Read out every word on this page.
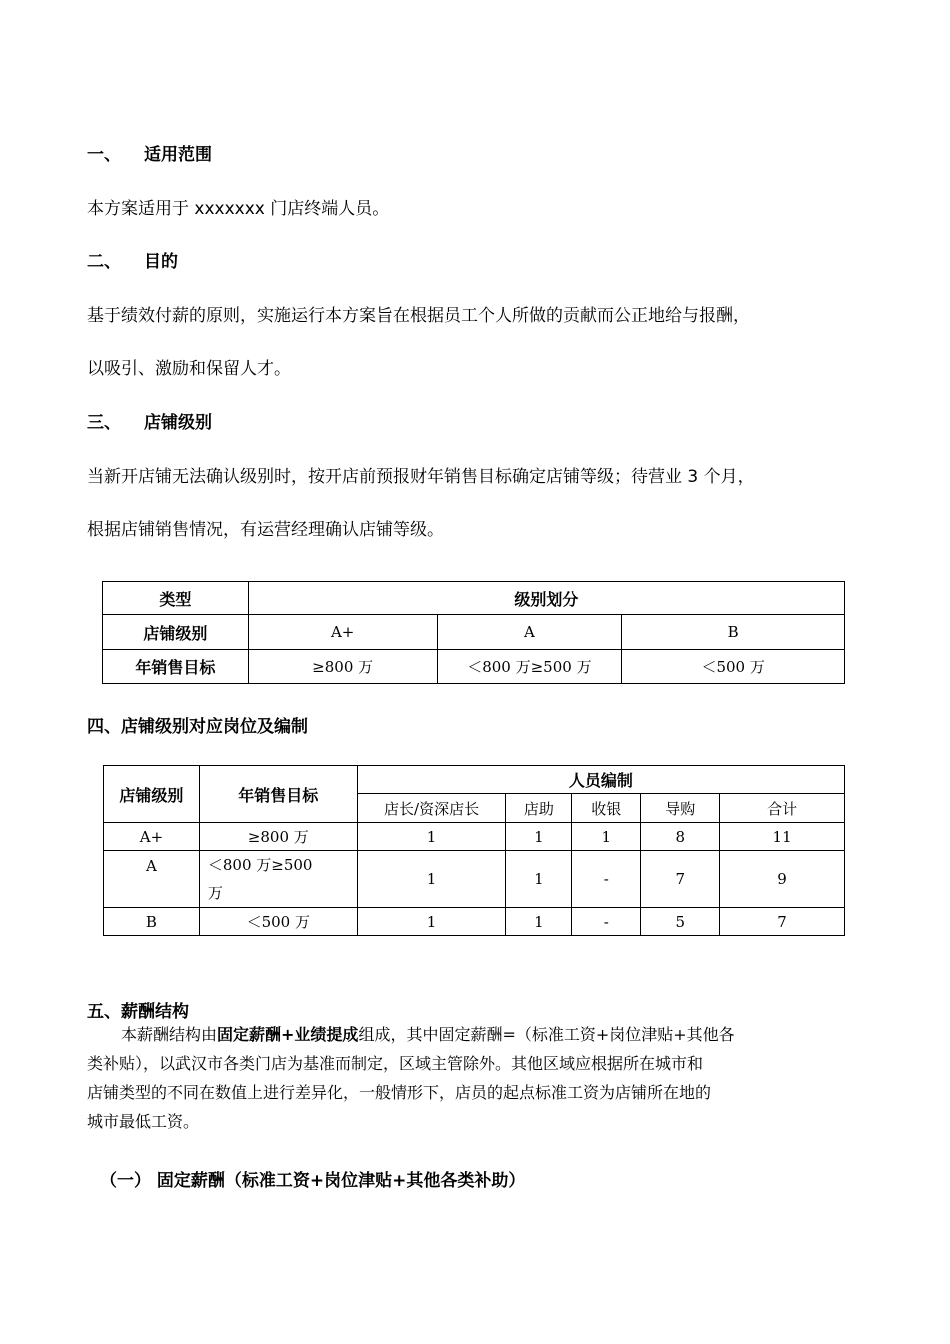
一、 适用范围
本方案适用于 xxxxxxx 门店终端人员。
二、 目的
基于绩效付薪的原则，实施运行本方案旨在根据员工个人所做的贡献而公正地给与报酬，
以吸引、激励和保留人才。
三、 店铺级别
当新开店铺无法确认级别时，按开店前预报财年销售目标确定店铺等级；待营业 3 个月，
根据店铺销售情况，有运营经理确认店铺等级。
类型	级别划分		
店铺级别	A+	A	B
年销售目标	≥800 万	＜800 万≥500 万	＜500 万
四、店铺级别对应岗位及编制
店铺级别	年销售目标	人员编制				
		店长/资深店长	店助	收银	导购	合计
A+	≥800 万	1	1	1	8	11
A	＜800 万≥500
万	1	1	-	7	9
B	＜500 万	1	1	-	5	7
五、薪酬结构
本薪酬结构由固定薪酬+业绩提成组成，其中固定薪酬=（标准工资+岗位津贴+其他各
类补贴），以武汉市各类门店为基准而制定，区域主管除外。其他区域应根据所在城市和
店铺类型的不同在数值上进行差异化，一般情形下，店员的起点标准工资为店铺所在地的
城市最低工资。
（一） 固定薪酬（标准工资+岗位津贴+其他各类补助）
